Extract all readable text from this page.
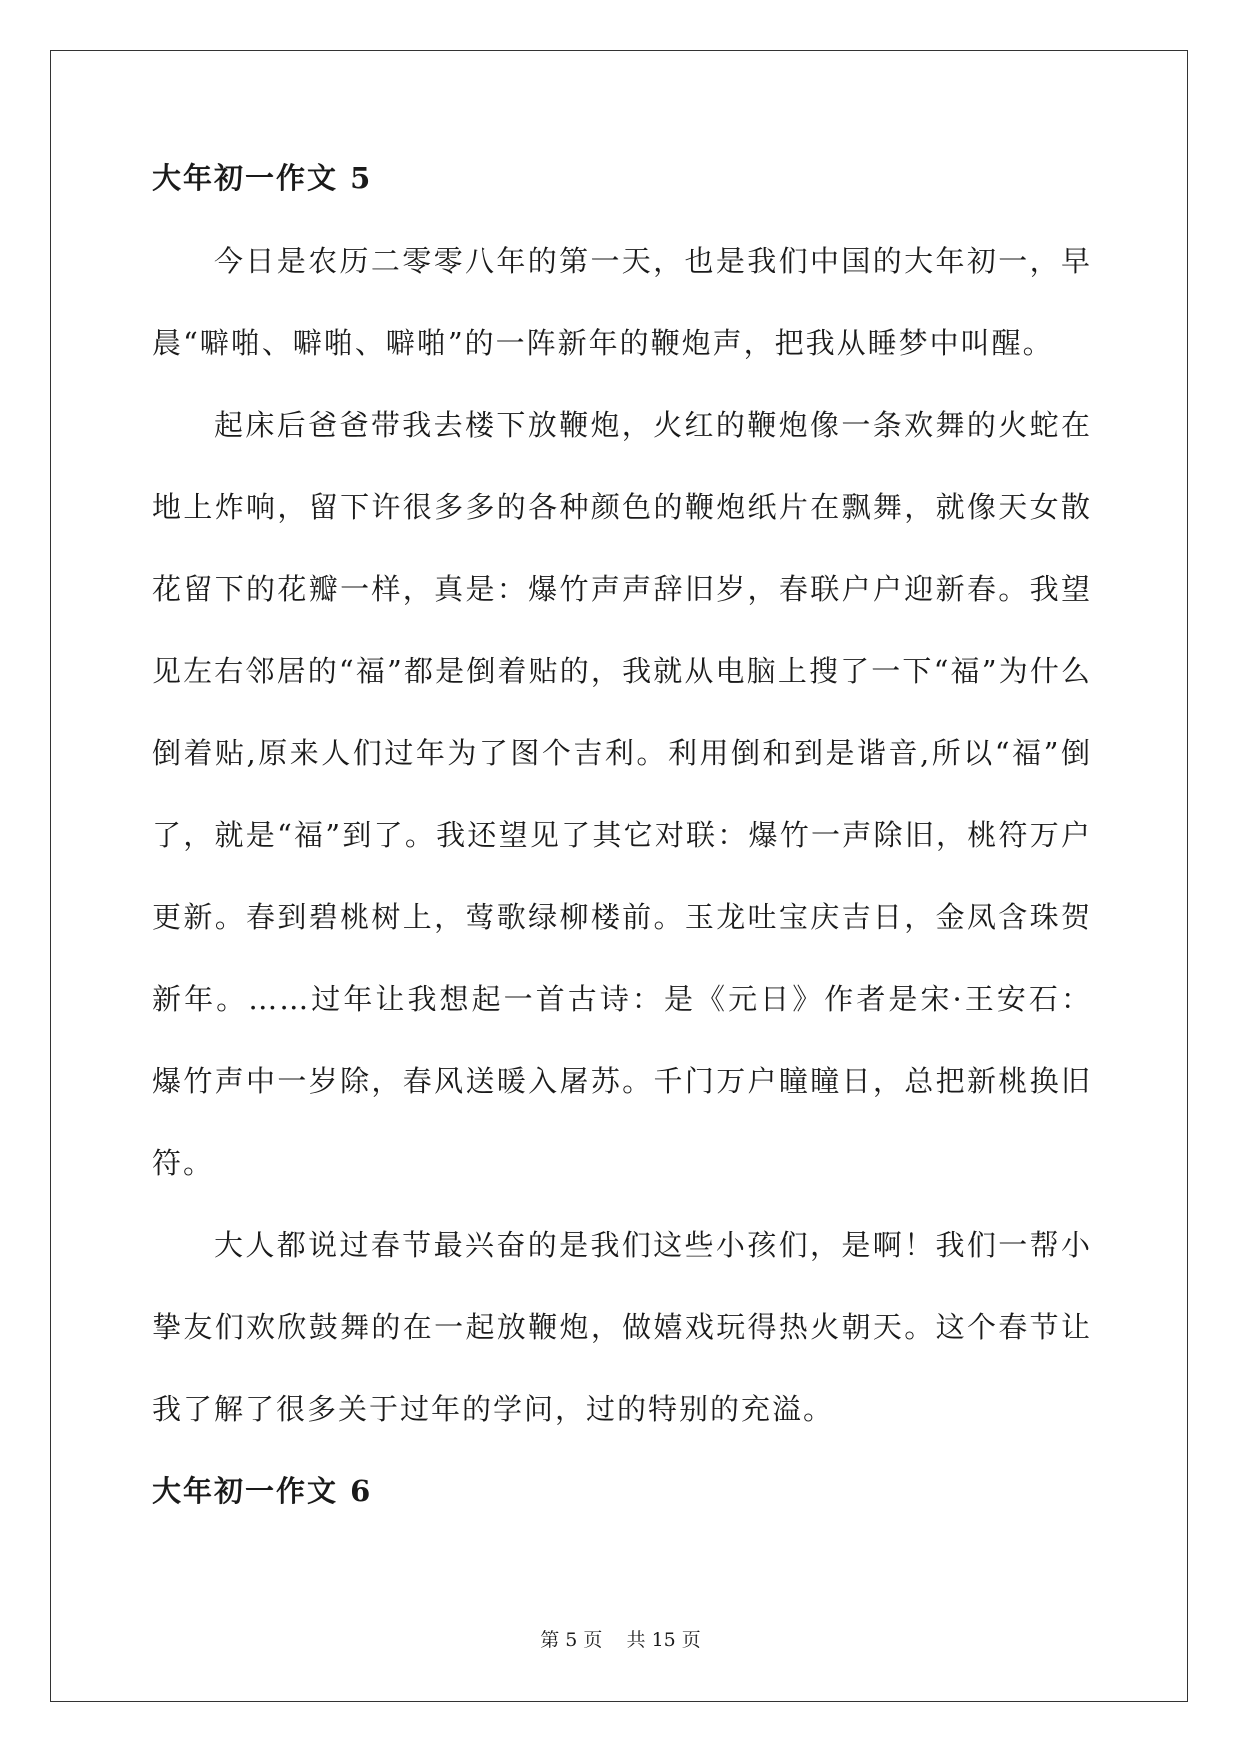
大年初一作文 5

今日是农历二零零八年的第一天，也是我们中国的大年初一，早晨“噼啪、噼啪、噼啪”的一阵新年的鞭炮声，把我从睡梦中叫醒。

起床后爸爸带我去楼下放鞭炮，火红的鞭炮像一条欢舞的火蛇在地上炸响，留下许很多多的各种颜色的鞭炮纸片在飘舞，就像天女散花留下的花瓣一样，真是：爆竹声声辞旧岁，春联户户迎新春。我望见左右邻居的“福”都是倒着贴的，我就从电脑上搜了一下“福”为什么倒着贴,原来人们过年为了图个吉利。利用倒和到是谐音,所以“福”倒了，就是“福”到了。我还望见了其它对联：爆竹一声除旧，桃符万户更新。春到碧桃树上，莺歌绿柳楼前。玉龙吐宝庆吉日，金凤含珠贺新年。……过年让我想起一首古诗：是《元日》作者是宋·王安石：爆竹声中一岁除，春风送暖入屠苏。千门万户瞳瞳日，总把新桃换旧符。

大人都说过春节最兴奋的是我们这些小孩们，是啊！我们一帮小挚友们欢欣鼓舞的在一起放鞭炮，做嬉戏玩得热火朝天。这个春节让我了解了很多关于过年的学问，过的特别的充溢。

大年初一作文 6
第 5 页    共 15 页
